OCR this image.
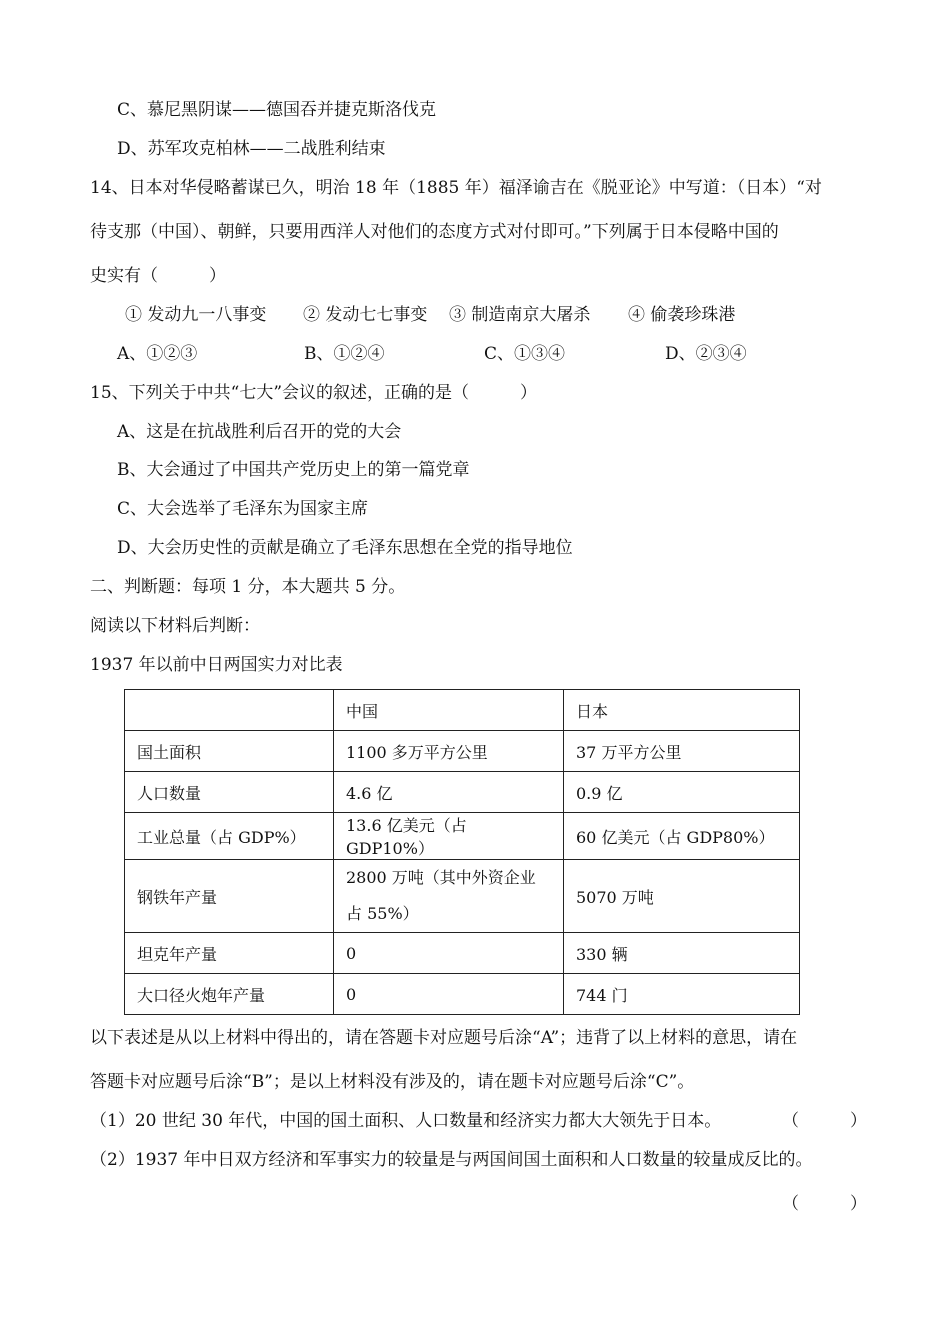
C、慕尼黑阴谋——德国吞并捷克斯洛伐克
D、苏军攻克柏林——二战胜利结束
14、日本对华侵略蓄谋已久，明治 18 年（1885 年）福泽谕吉在《脱亚论》中写道：（日本）“对
待支那（中国）、朝鲜，只要用西洋人对他们的态度方式对付即可。”下列属于日本侵略中国的
史实有（　　　）
① 发动九一八事变 ② 发动七七事变 ③ 制造南京大屠杀 ④ 偷袭珍珠港
A、①②③	B、①②④	C、①③④	D、②③④
15、下列关于中共“七大”会议的叙述，正确的是（　　　）
A、这是在抗战胜利后召开的党的大会
B、大会通过了中国共产党历史上的第一篇党章
C、大会选举了毛泽东为国家主席
D、大会历史性的贡献是确立了毛泽东思想在全党的指导地位
二、判断题：每项 1 分，本大题共 5 分。
阅读以下材料后判断：
1937 年以前中日两国实力对比表
	中国	日本
国土面积	1100 多万平方公里	37 万平方公里
人口数量	4.6 亿	0.9 亿
工业总量（占 GDP%）	13.6 亿美元（占 GDP10%）	60 亿美元（占 GDP80%）
钢铁年产量	2800 万吨（其中外资企业占 55%）	5070 万吨
坦克年产量	0	330 辆
大口径火炮年产量	0	744 门
以下表述是从以上材料中得出的，请在答题卡对应题号后涂“A”；违背了以上材料的意思，请在
答题卡对应题号后涂“B”；是以上材料没有涉及的，请在题卡对应题号后涂“C”。
（1）20 世纪 30 年代，中国的国土面积、人口数量和经济实力都大大领先于日本。	（　　　）
（2）1937 年中日双方经济和军事实力的较量是与两国间国土面积和人口数量的较量成反比的。
（　　　）
